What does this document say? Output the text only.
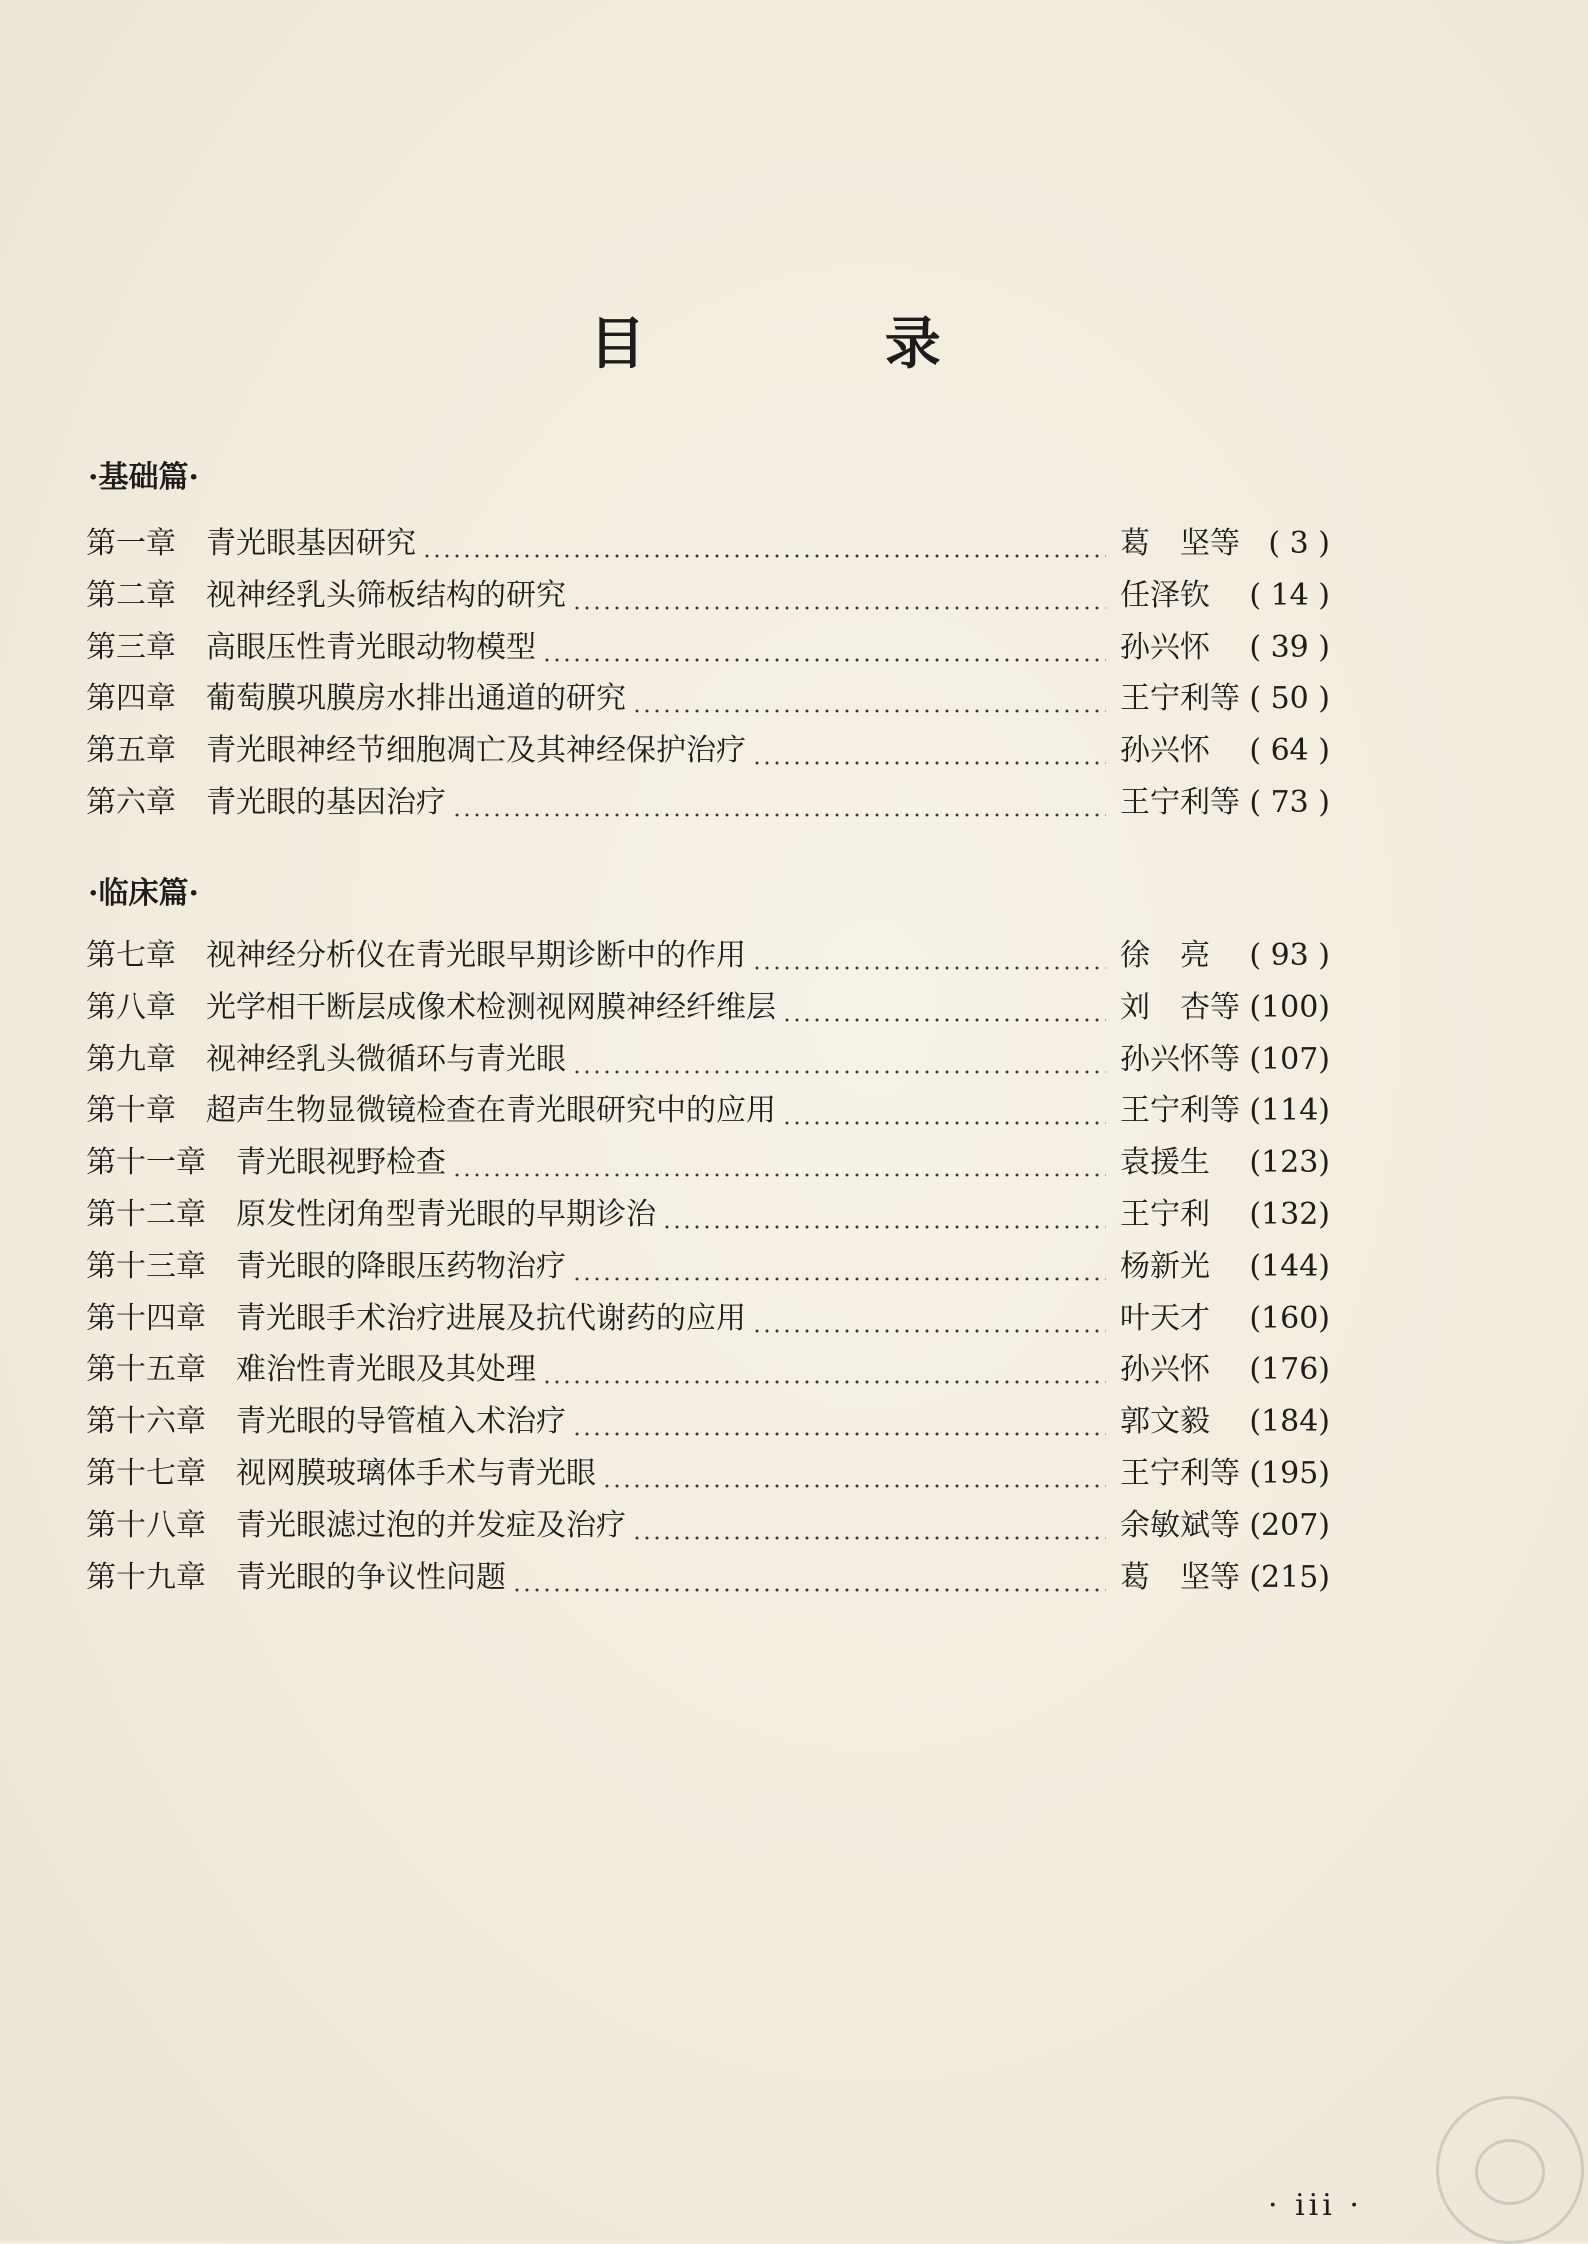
目 录
·基础篇·
·临床篇·
· iii ·
第一章 青光眼基因研究	葛　坚等 ( 3 )
第二章 视神经乳头筛板结构的研究	任泽钦	( 14 )
第三章 高眼压性青光眼动物模型	孙兴怀	( 39 )
第四章 葡萄膜巩膜房水排出通道的研究	王宁利等 ( 50 )
第五章 青光眼神经节细胞凋亡及其神经保护治疗	孙兴怀	( 64 )
第六章 青光眼的基因治疗	王宁利等 ( 73 )
第七章 视神经分析仪在青光眼早期诊断中的作用	徐　亮	( 93 )
第八章 光学相干断层成像术检测视网膜神经纤维层	刘　杏等 (100)
第九章 视神经乳头微循环与青光眼	孙兴怀等 (107)
第十章 超声生物显微镜检查在青光眼研究中的应用	王宁利等 (114)
第十一章 青光眼视野检查	袁援生	(123)
第十二章 原发性闭角型青光眼的早期诊治	王宁利	(132)
第十三章 青光眼的降眼压药物治疗	杨新光	(144)
第十四章 青光眼手术治疗进展及抗代谢药的应用	叶天才	(160)
第十五章 难治性青光眼及其处理	孙兴怀	(176)
第十六章 青光眼的导管植入术治疗	郭文毅	(184)
第十七章 视网膜玻璃体手术与青光眼	王宁利等 (195)
第十八章 青光眼滤过泡的并发症及治疗	余敏斌等 (207)
第十九章 青光眼的争议性问题	葛　坚等 (215)
